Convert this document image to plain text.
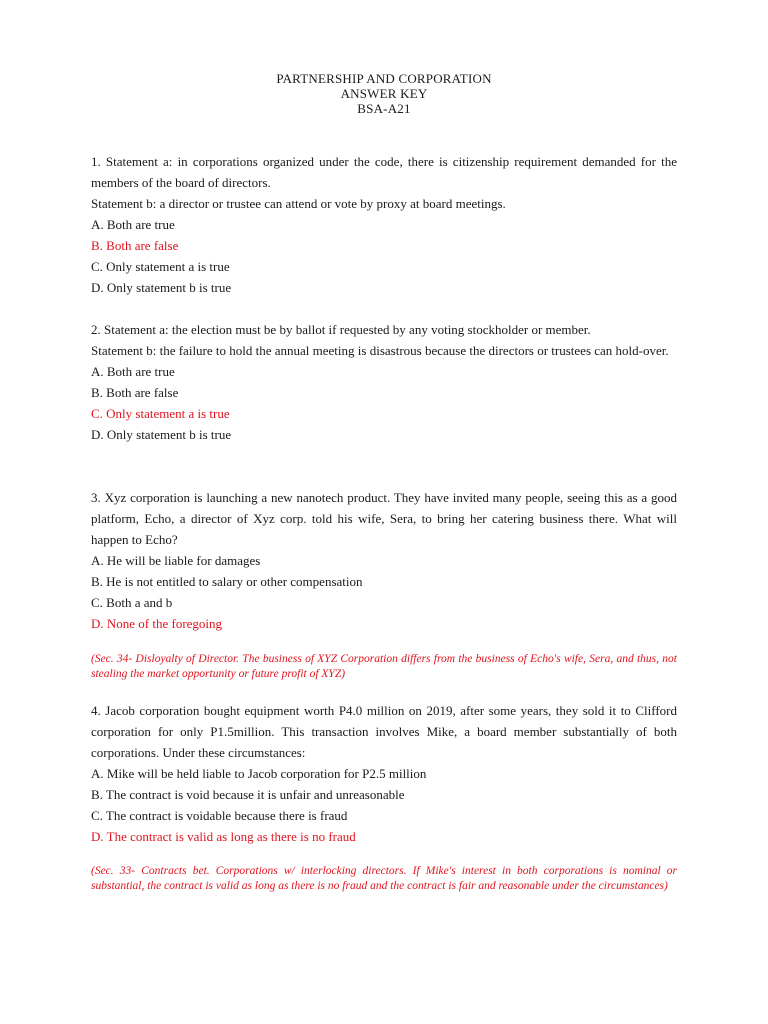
PARTNERSHIP AND CORPORATION
ANSWER KEY
BSA-A21
1. Statement a: in corporations organized under the code, there is citizenship requirement demanded for the members of the board of directors.
Statement b: a director or trustee can attend or vote by proxy at board meetings.
A. Both are true
B. Both are false
C. Only statement a is true
D. Only statement b is true
2. Statement a: the election must be by ballot if requested by any voting stockholder or member.
Statement b: the failure to hold the annual meeting is disastrous because the directors or trustees can hold-over.
A. Both are true
B. Both are false
C. Only statement a is true
D. Only statement b is true
3. Xyz corporation is launching a new nanotech product. They have invited many people, seeing this as a good platform, Echo, a director of Xyz corp. told his wife, Sera, to bring her catering business there. What will happen to Echo?
A. He will be liable for damages
B. He is not entitled to salary or other compensation
C. Both a and b
D. None of the foregoing
(Sec. 34- Disloyalty of Director. The business of XYZ Corporation differs from the business of Echo's wife, Sera, and thus, not stealing the market opportunity or future profit of XYZ)
4. Jacob corporation bought equipment worth P4.0 million on 2019, after some years, they sold it to Clifford corporation for only P1.5million. This transaction involves Mike, a board member substantially of both corporations. Under these circumstances:
A. Mike will be held liable to Jacob corporation for P2.5 million
B. The contract is void because it is unfair and unreasonable
C. The contract is voidable because there is fraud
D. The contract is valid as long as there is no fraud
(Sec. 33- Contracts bet. Corporations w/ interlocking directors. If Mike's interest in both corporations is nominal or substantial, the contract is valid as long as there is no fraud and the contract is fair and reasonable under the circumstances)
